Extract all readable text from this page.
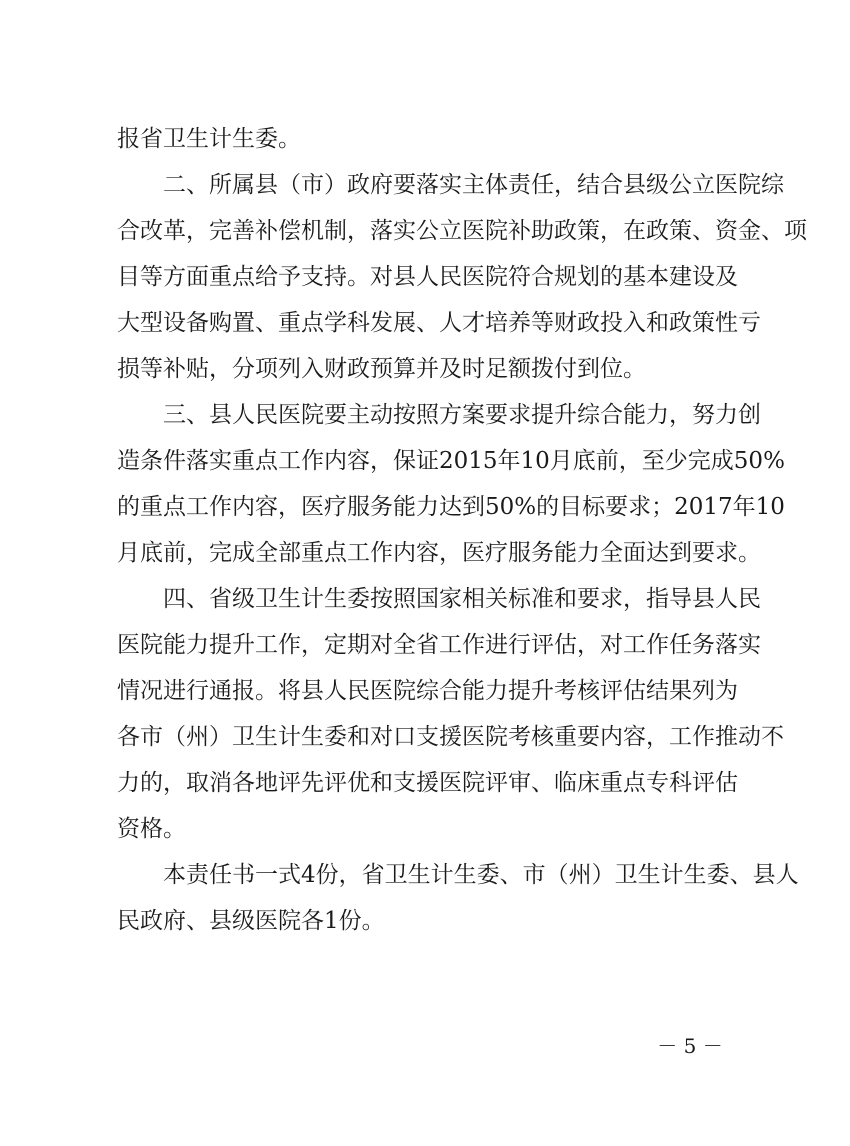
报省卫生计生委。
二、所属县（市）政府要落实主体责任，结合县级公立医院综
合改革，完善补偿机制，落实公立医院补助政策，在政策、资金、项
目等方面重点给予支持。对县人民医院符合规划的基本建设及
大型设备购置、重点学科发展、人才培养等财政投入和政策性亏
损等补贴，分项列入财政预算并及时足额拨付到位。
三、县人民医院要主动按照方案要求提升综合能力，努力创
造条件落实重点工作内容，保证2015年10月底前，至少完成50%
的重点工作内容，医疗服务能力达到50%的目标要求；2017年10
月底前，完成全部重点工作内容，医疗服务能力全面达到要求。
四、省级卫生计生委按照国家相关标准和要求，指导县人民
医院能力提升工作，定期对全省工作进行评估，对工作任务落实
情况进行通报。将县人民医院综合能力提升考核评估结果列为
各市（州）卫生计生委和对口支援医院考核重要内容，工作推动不
力的，取消各地评先评优和支援医院评审、临床重点专科评估
资格。
本责任书一式4份，省卫生计生委、市（州）卫生计生委、县人
民政府、县级医院各1份。
－ 5 －
